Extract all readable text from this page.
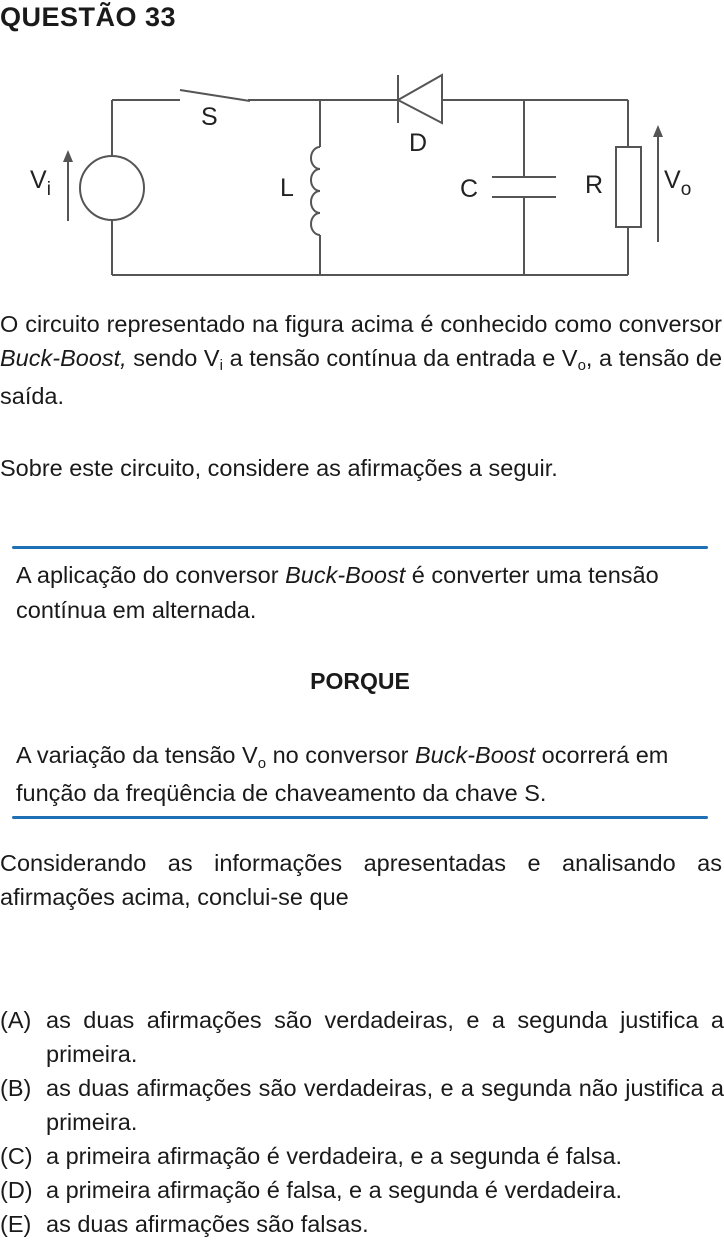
QUESTÃO 33
$V_i$
S
L
D
C	R $V_o$
O circuito representado na figura acima é conhecido como conversor Buck-Boost, sendo $V_i$ a tensão contínua da entrada e $V_o$, a tensão de saída.
Sobre este circuito, considere as afirmações a seguir.
A aplicação do conversor Buck-Boost é converter uma tensão contínua em alternada.
PORQUE
A variação da tensão $V_o$ no conversor Buck-Boost ocorrerá em função da freqüência de chaveamento da chave S.
Considerando as informações apresentadas e analisando as afirmações acima, conclui-se que
(A) as duas afirmações são verdadeiras, e a segunda justifica a primeira.
(B) as duas afirmações são verdadeiras, e a segunda não justifica a primeira.
(C) a primeira afirmação é verdadeira, e a segunda é falsa.
(D) a primeira afirmação é falsa, e a segunda é verdadeira.
(E) as duas afirmações são falsas.
